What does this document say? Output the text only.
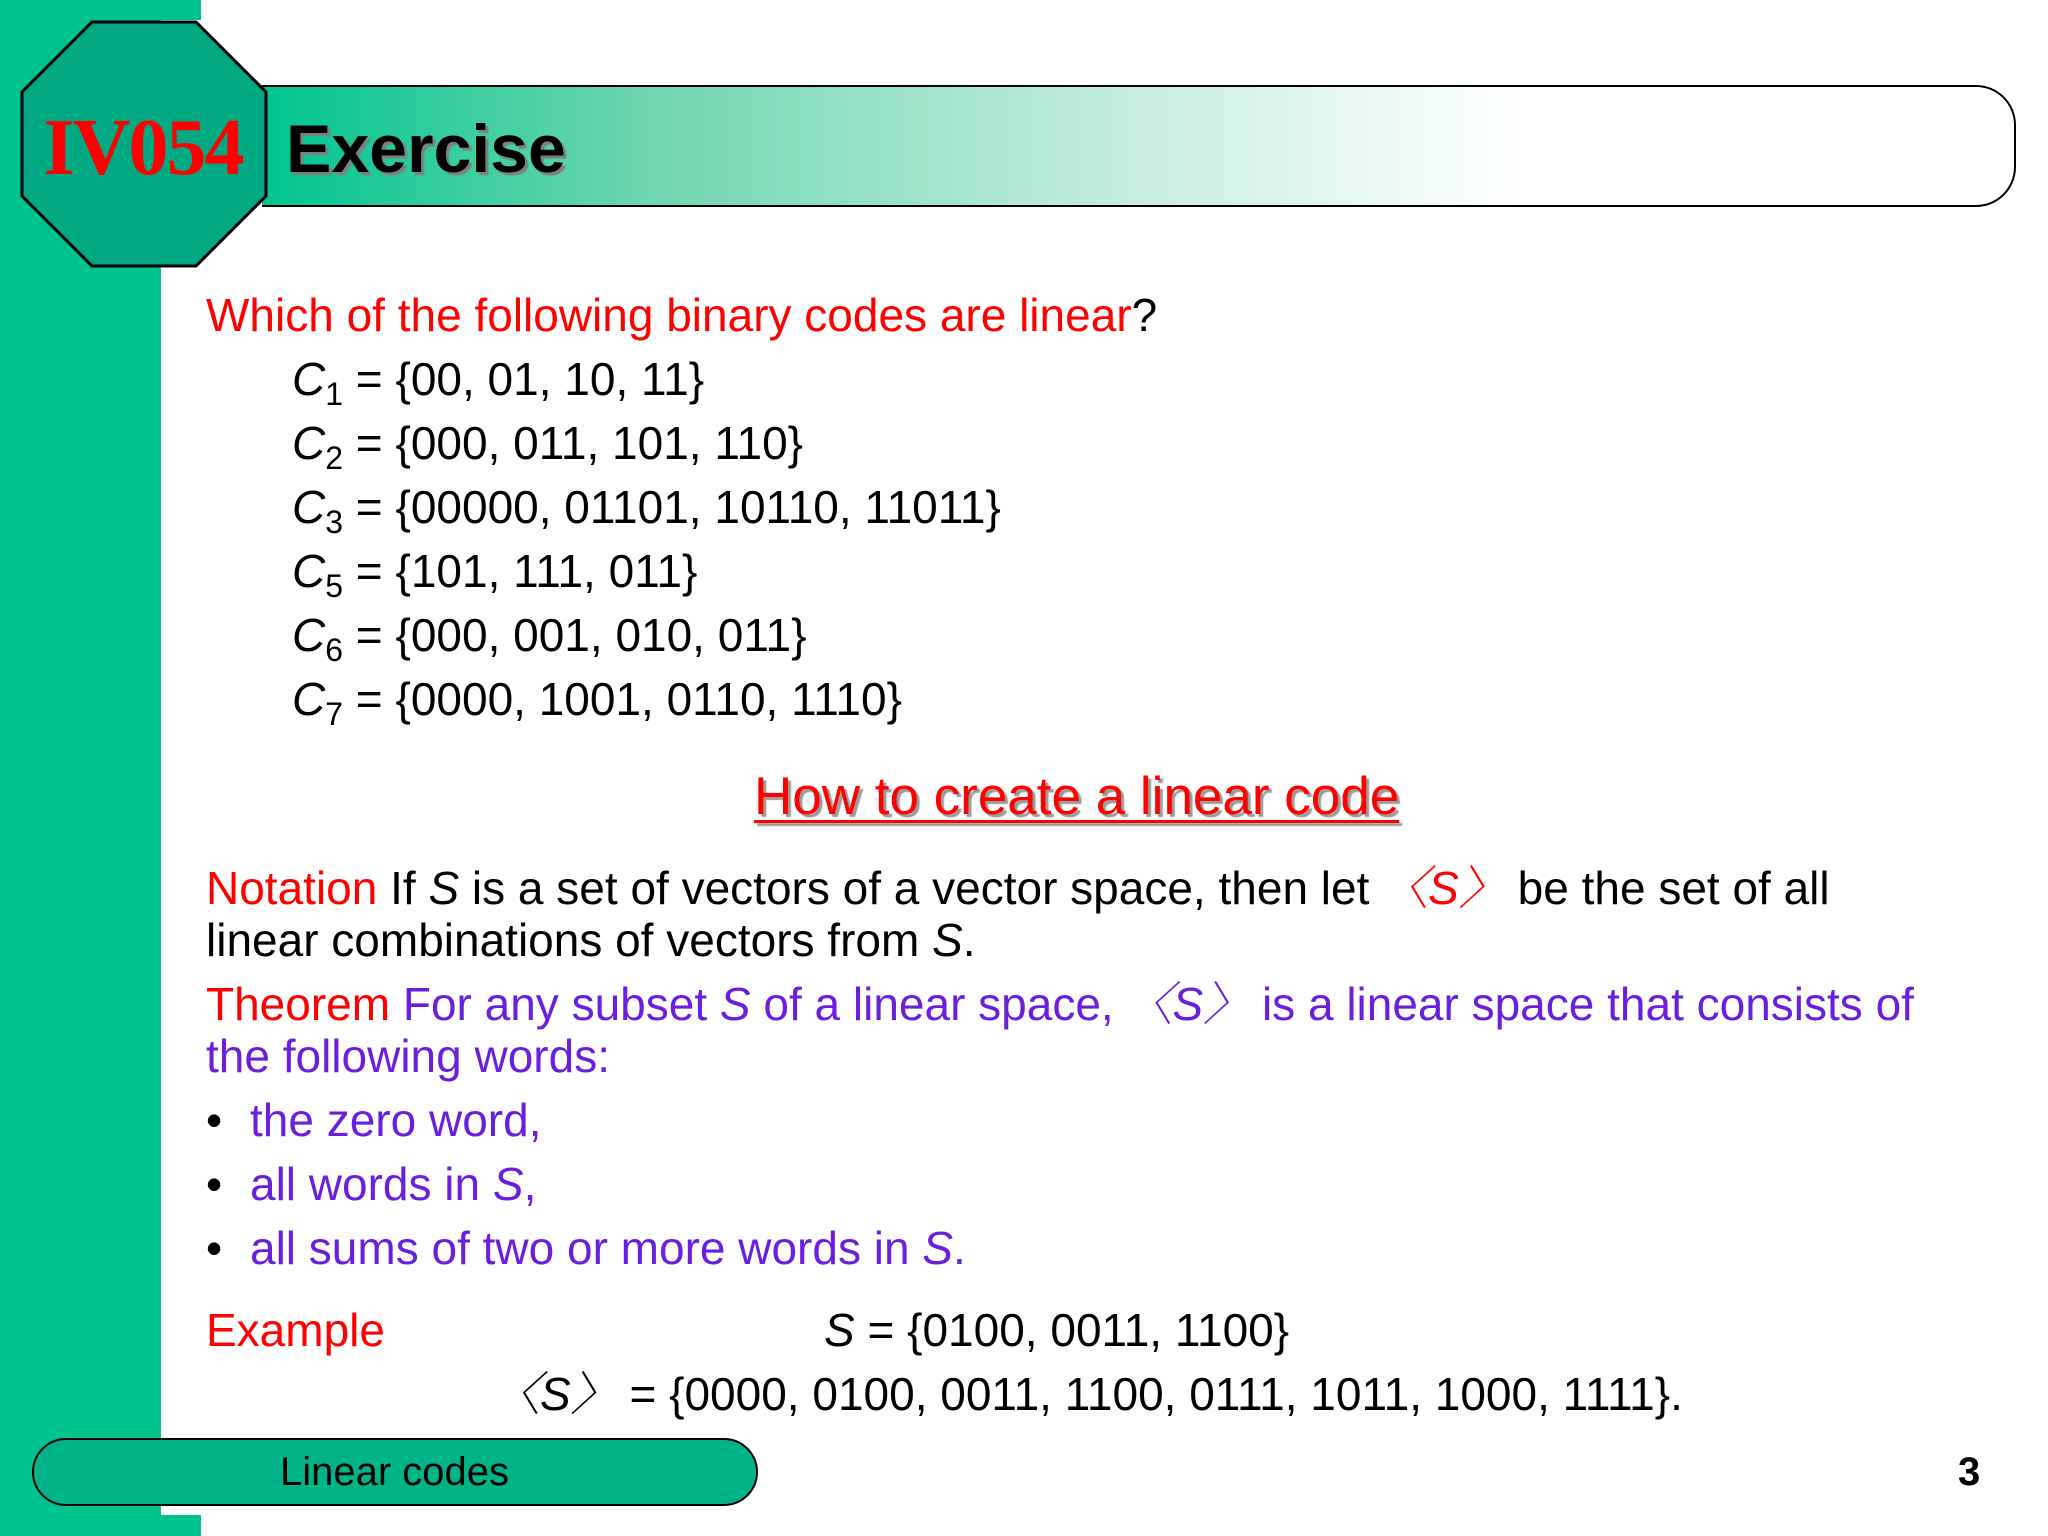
IV054 Exercise
Which of the following binary codes are linear?
$C_1 = \{00$, 01, 10, 11}
$C_2 = \{000$, 011, 101, 110}
$C_3 = \{00000$, 01101, 10110, 11011}
$C_5 = \{101$, 111, 011}
$C_6 = \{000$, 001, 010, 011}
$C_7 = \{0000$, 1001, 0110, 1110}
How to create a linear code
Notation If S is a set of vectors of a vector space, then let 〈S〉 be the set of all
linear combinations of vectors from S.
Theorem For any subset S of a linear space, 〈S〉 is a linear space that consists of
the following words:
• the zero word,
• all words in S,
• all sums of two or more words in S.
Example	S = {0100, 0011, 1100}
〈S〉 = {0000, 0100, 0011, 1100, 0111, 1011, 1000, 1111}.
Linear codes	3
